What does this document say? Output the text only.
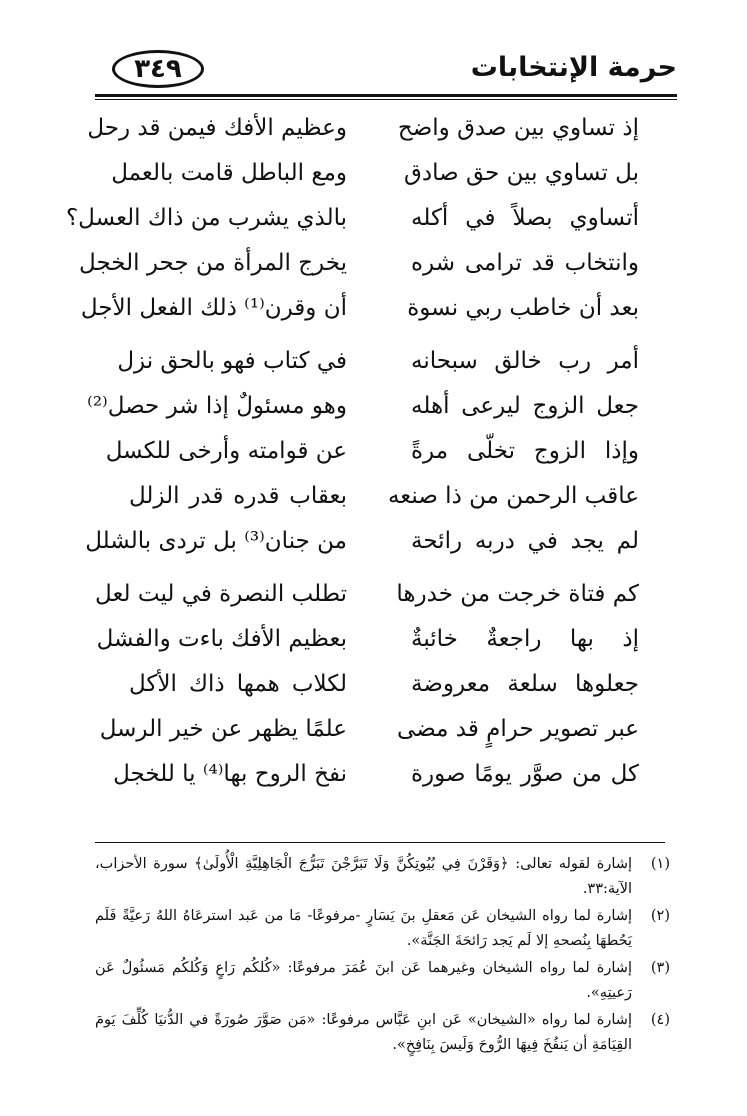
حرمة الإنتخابات
٣٤٩
إذ تساوي بين صدق واضح
وعظيم الأفك فيمن قد رحل
بل تساوي بين حق صادق
ومع الباطل قامت بالعمل
أتساوي بصلاً في أكله
بالذي يشرب من ذاك العسل؟
وانتخاب قد ترامى شره
يخرج المرأة من جحر الخجل
بعد أن خاطب ربي نسوة
أن وقرن⁽¹⁾ ذلك الفعل الأجل
أمر رب خالق سبحانه
في كتاب فهو بالحق نزل
جعل الزوج ليرعى أهله
وهو مسئولٌ إذا شر حصل⁽²⁾
وإذا الزوج تخلّى مرةً
عن قوامته وأرخى للكسل
عاقب الرحمن من ذا صنعه
بعقاب قدره قدر الزلل
لم يجد في دربه رائحة
من جنان⁽³⁾ بل تردى بالشلل
كم فتاة خرجت من خدرها
تطلب النصرة في ليت لعل
إذ بها راجعةٌ خائبةٌ
بعظيم الأفك باءت والفشل
جعلوها سلعة معروضة
لكلاب همها ذاك الأكل
عبر تصوير حرامٍ قد مضى
علمًا يظهر عن خير الرسل
كل من صوَّر يومًا صورة
نفخ الروح بها⁽⁴⁾ يا للخجل
(١)
إشارة لقوله تعالى: ﴿وَقَرْنَ فِي بُيُوتِكُنَّ وَلَا تَبَرَّجْنَ تَبَرُّجَ الْجَاهِلِيَّةِ الْأُولَىٰ﴾ سورة الأحزاب، الآية:٣٣.
(٢)
إشارة لما رواه الشيخان عَن مَعقلِ بنَ يَسَارٍ -مرفوعًا- مَا من عَبد استرعَاهُ اللهُ رَعيَّةً فَلَم يَحُطهَا بِنُصحهِ إلا لَم يَجد رَائحَةَ الجَنَّة».
(٣)
إشارة لما رواه الشيخان وغيرهما عَن ابنَ عُمَرَ مرفوعًا: «كُلكُم رَاعٍ وَكُلكُم مَسئُولٌ عَن رَعيتِهِ».
(٤)
إشارة لما رواه «الشيخان» عَن ابنِ عَبَّاس مرفوعًا: «مَن صَوَّرَ صُورَةً في الدُّنيَا كُلِّفَ يَومَ القِيَامَةِ أن يَنفُخَ فِيهَا الرُّوحَ وَلَيسَ بِنَافِخٍ».
